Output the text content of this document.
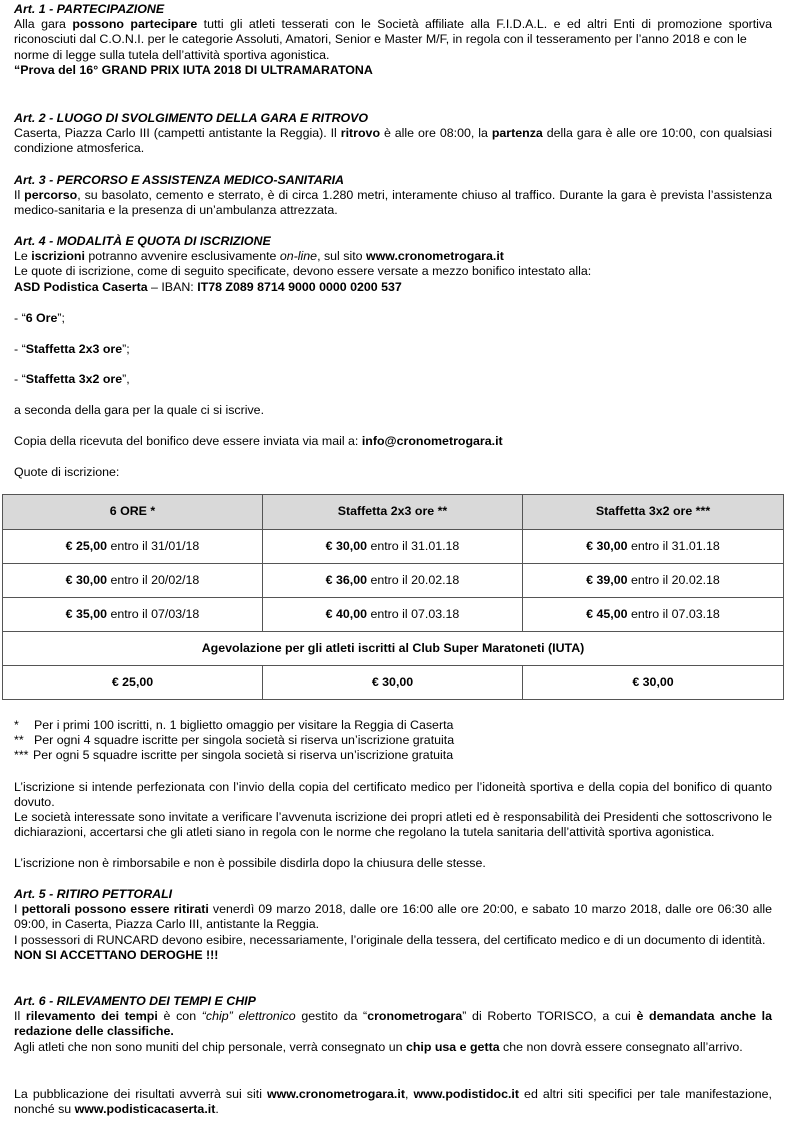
Art. 1 - PARTECIPAZIONE
Alla gara possono partecipare tutti gli atleti tesserati con le Società affiliate alla F.I.D.A.L. e ed altri Enti di promozione sportiva riconosciuti dal C.O.N.I. per le categorie Assoluti, Amatori, Senior e Master M/F, in regola con il tesseramento per l’anno 2018 e con le
norme di legge sulla tutela dell’attività sportiva agonistica.
“Prova del 16° GRAND PRIX IUTA 2018 DI ULTRAMARATONA
Art. 2 - LUOGO DI SVOLGIMENTO DELLA GARA E RITROVO
Caserta, Piazza Carlo III (campetti antistante la Reggia). Il ritrovo è alle ore 08:00, la partenza della gara è alle ore 10:00, con qualsiasi condizione atmosferica.
Art. 3 - PERCORSO E ASSISTENZA MEDICO-SANITARIA
Il percorso, su basolato, cemento e sterrato, è di circa 1.280 metri, interamente chiuso al traffico. Durante la gara è prevista l’assistenza medico-sanitaria e la presenza di un’ambulanza attrezzata.
Art. 4 - MODALITÀ E QUOTA DI ISCRIZIONE
Le iscrizioni potranno avvenire esclusivamente on-line, sul sito www.cronometrogara.it
Le quote di iscrizione, come di seguito specificate, devono essere versate a mezzo bonifico intestato alla:
ASD Podistica Caserta – IBAN: IT78 Z089 8714 9000 0000 0200 537
- “6 Ore”;
- “Staffetta 2x3 ore”;
- “Staffetta 3x2 ore”,
a seconda della gara per la quale ci si iscrive.
Copia della ricevuta del bonifico deve essere inviata via mail a: info@cronometrogara.it
Quote di iscrizione:
6 ORE *	Staffetta 2x3 ore **	Staffetta 3x2 ore ***
€ 25,00 entro il 31/01/18	€ 30,00 entro il 31.01.18	€ 30,00 entro il 31.01.18
€ 30,00 entro il 20/02/18	€ 36,00 entro il 20.02.18	€ 39,00 entro il 20.02.18
€ 35,00 entro il 07/03/18	€ 40,00 entro il 07.03.18	€ 45,00 entro il 07.03.18
Agevolazione per gli atleti iscritti al Club Super Maratoneti (IUTA)		
€ 25,00	€ 30,00	€ 30,00
* Per i primi 100 iscritti, n. 1 biglietto omaggio per visitare la Reggia di Caserta
** Per ogni 4 squadre iscritte per singola società si riserva un’iscrizione gratuita
*** Per ogni 5 squadre iscritte per singola società si riserva un’iscrizione gratuita
L’iscrizione si intende perfezionata con l’invio della copia del certificato medico per l’idoneità sportiva e della copia del bonifico di quanto dovuto.
Le società interessate sono invitate a verificare l’avvenuta iscrizione dei propri atleti ed è responsabilità dei Presidenti che sottoscrivono le dichiarazioni, accertarsi che gli atleti siano in regola con le norme che regolano la tutela sanitaria dell’attività sportiva agonistica.
L’iscrizione non è rimborsabile e non è possibile disdirla dopo la chiusura delle stesse.
Art. 5 - RITIRO PETTORALI
I pettorali possono essere ritirati venerdì 09 marzo 2018, dalle ore 16:00 alle ore 20:00, e sabato 10 marzo 2018, dalle ore 06:30 alle 09:00, in Caserta, Piazza Carlo III, antistante la Reggia.
I possessori di RUNCARD devono esibire, necessariamente, l’originale della tessera, del certificato medico e di un documento di identità.
NON SI ACCETTANO DEROGHE !!!
Art. 6 - RILEVAMENTO DEI TEMPI E CHIP
Il rilevamento dei tempi è con “chip” elettronico gestito da “cronometrogara” di Roberto TORISCO, a cui è demandata anche la redazione delle classifiche.
Agli atleti che non sono muniti del chip personale, verrà consegnato un chip usa e getta che non dovrà essere consegnato all’arrivo.
La pubblicazione dei risultati avverrà sui siti www.cronometrogara.it, www.podistidoc.it ed altri siti specifici per tale manifestazione, nonché su www.podisticacaserta.it.
